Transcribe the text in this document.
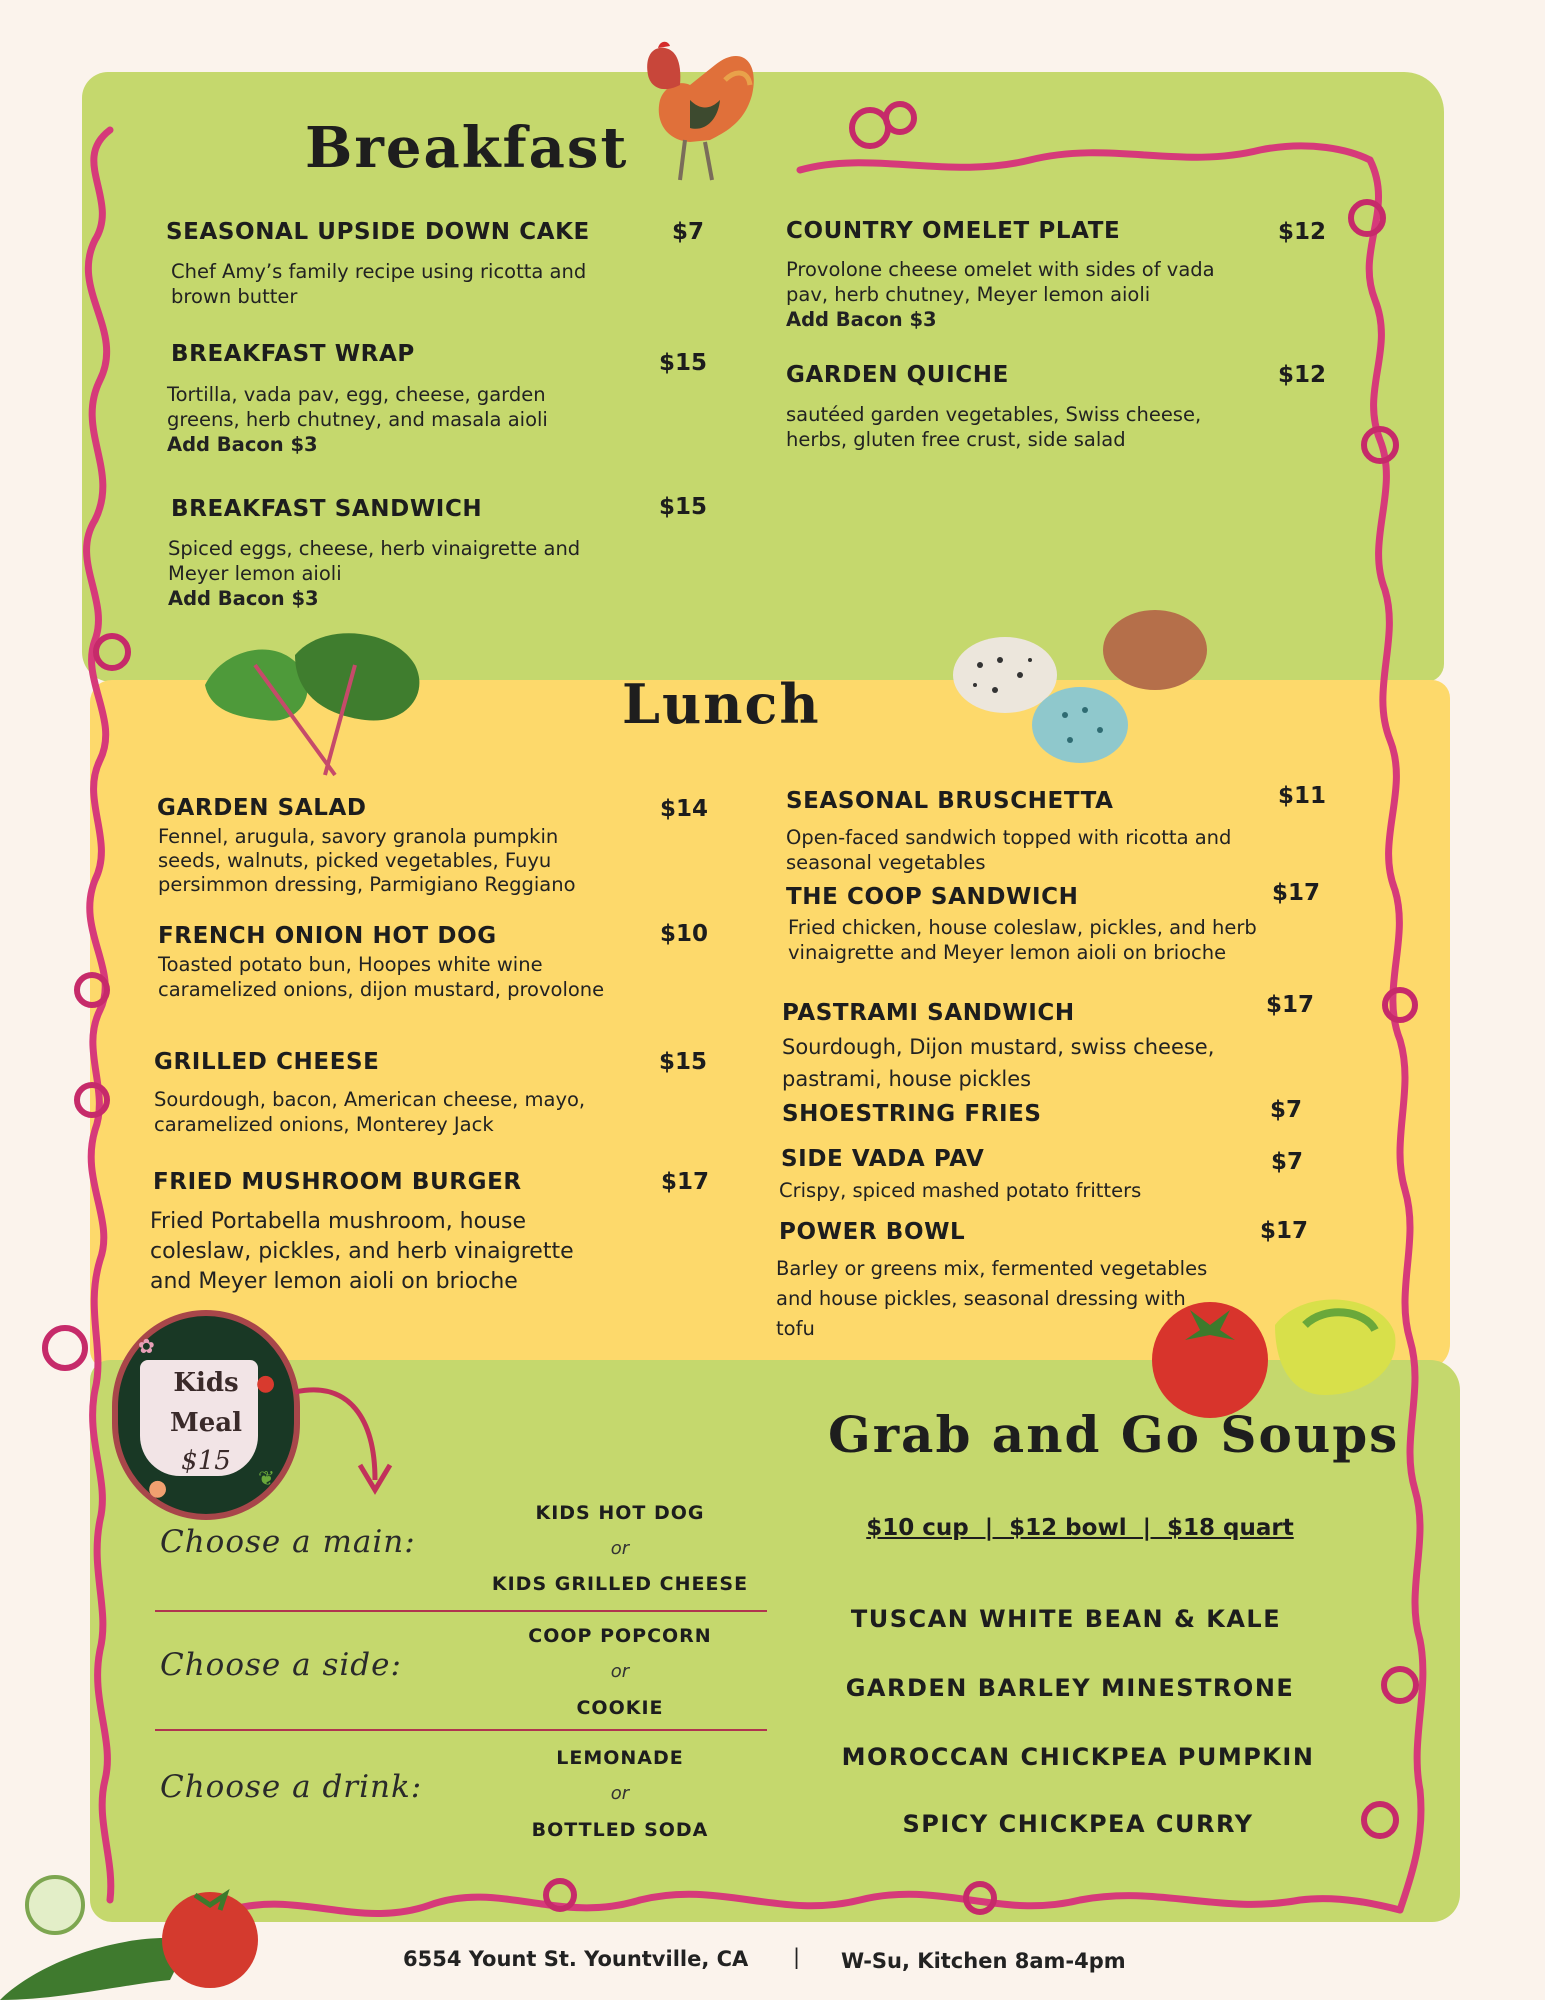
Breakfast
SEASONAL UPSIDE DOWN CAKE	$7
Chef Amy’s family recipe using ricotta and brown butter
BREAKFAST WRAP	$15
Tortilla, vada pav, egg, cheese, garden greens, herb chutney, and masala aioli
Add Bacon $3
BREAKFAST SANDWICH	$15
Spiced eggs, cheese, herb vinaigrette and Meyer lemon aioli
Add Bacon $3
COUNTRY OMELET PLATE	$12
Provolone cheese omelet with sides of vada pav, herb chutney, Meyer lemon aioli
Add Bacon $3
GARDEN QUICHE	$12
sautéed garden vegetables, Swiss cheese, herbs, gluten free crust, side salad
Lunch
GARDEN SALAD	$14
Fennel, arugula, savory granola pumpkin seeds, walnuts, picked vegetables, Fuyu persimmon dressing, Parmigiano Reggiano
FRENCH ONION HOT DOG	$10
Toasted potato bun, Hoopes white wine caramelized onions, dijon mustard, provolone
GRILLED CHEESE	$15
Sourdough, bacon, American cheese, mayo, caramelized onions, Monterey Jack
FRIED MUSHROOM BURGER	$17
Fried Portabella mushroom, house coleslaw, pickles, and herb vinaigrette and Meyer lemon aioli on brioche
SEASONAL BRUSCHETTA	$11
Open-faced sandwich topped with ricotta and seasonal vegetables
THE COOP SANDWICH	$17
Fried chicken, house coleslaw, pickles, and herb vinaigrette and Meyer lemon aioli on brioche
PASTRAMI SANDWICH	$17
Sourdough, Dijon mustard, swiss cheese, pastrami, house pickles
SHOESTRING FRIES	$7
SIDE VADA PAV	$7
Crispy, spiced mashed potato fritters
POWER BOWL	$17
Barley or greens mix, fermented vegetables and house pickles, seasonal dressing with tofu
Kids
Meal
$15
✿
●
●	❦
Choose a main:
KIDS HOT DOG
or
KIDS GRILLED CHEESE
Choose a side:
COOP POPCORN
or
COOKIE
Choose a drink:
LEMONADE
or
BOTTLED SODA
Grab and Go Soups
$10 cup  |  $12 bowl  |  $18 quart
TUSCAN WHITE BEAN & KALE
GARDEN BARLEY MINESTRONE
MOROCCAN CHICKPEA PUMPKIN
SPICY CHICKPEA CURRY
6554 Yount St. Yountville, CA | W-Su, Kitchen 8am-4pm
